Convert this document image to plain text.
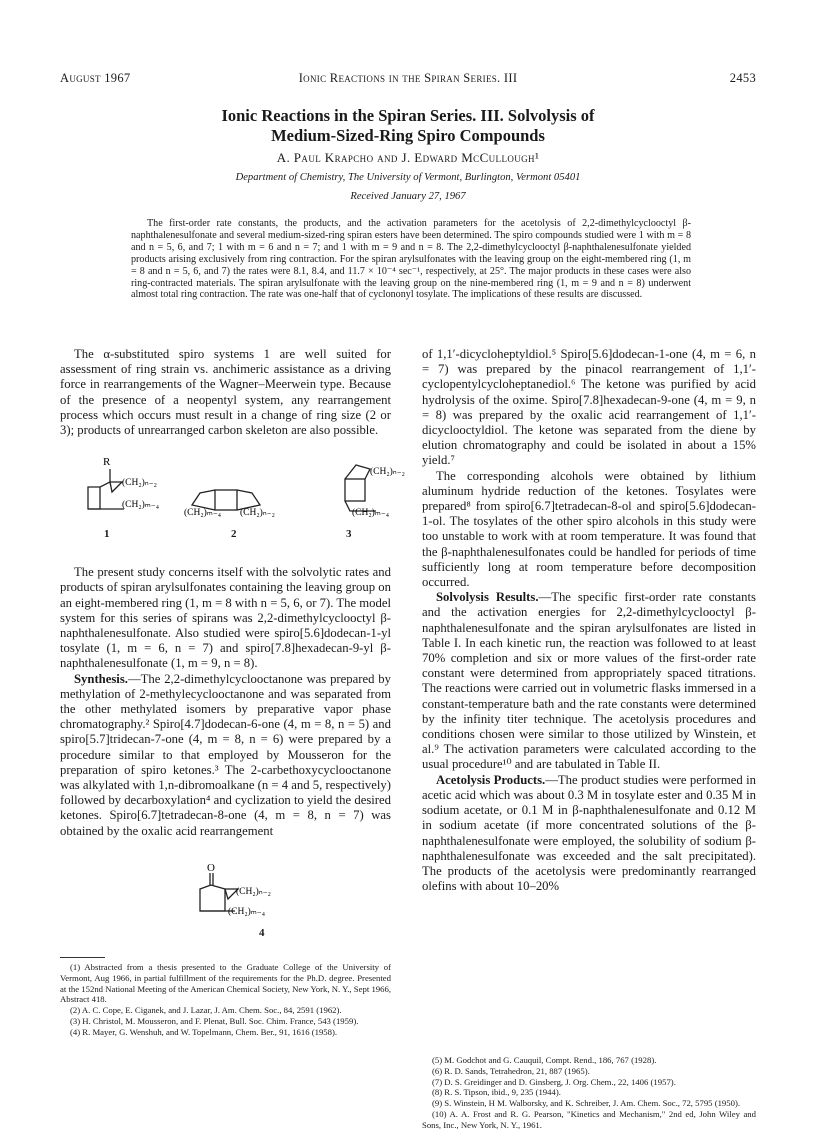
August 1967	Ionic Reactions in the Spiran Series. III	2453
Ionic Reactions in the Spiran Series. III. Solvolysis of
Medium-Sized-Ring Spiro Compounds
A. Paul Krapcho and J. Edward McCullough¹
Department of Chemistry, The University of Vermont, Burlington, Vermont 05401
Received January 27, 1967

The first-order rate constants, the products, and the activation parameters for the acetolysis of 2,2-dimethylcyclooctyl β-naphthalenesulfonate and several medium-sized-ring spiran esters have been determined. The spiro compounds studied were 1 with m = 8 and n = 5, 6, and 7; 1 with m = 6 and n = 7; and 1 with m = 9 and n = 8. The 2,2-dimethylcyclooctyl β-naphthalenesulfonate yielded products arising exclusively from ring contraction. For the spiran arylsulfonates with the leaving group on the eight-membered ring (1, m = 8 and n = 5, 6, and 7) the rates were 8.1, 8.4, and 11.7 × 10⁻⁴ sec⁻¹, respectively, at 25°. The major products in these cases were also ring-contracted materials. The spiran arylsulfonate with the leaving group on the nine-membered ring (1, m = 9 and n = 8) underwent almost total ring contraction. The rate was one-half that of cyclononyl tosylate. The implications of these results are discussed.

The α-substituted spiro systems 1 are well suited for assessment of ring strain vs. anchimeric assistance as a driving force in rearrangements of the Wagner–Meerwein type. Because of the presence of a neopentyl system, any rearrangement process which occurs must result in a change of ring size (2 or 3); products of unrearranged carbon skeleton are also possible.

The present study concerns itself with the solvolytic rates and products of spiran arylsulfonates containing the leaving group on an eight-membered ring (1, m = 8 with n = 5, 6, or 7). The model system for this series of spirans was 2,2-dimethylcyclooctyl β-naphthalenesulfonate. Also studied were spiro[5.6]dodecan-1-yl tosylate (1, m = 6, n = 7) and spiro[7.8]hexadecan-9-yl β-naphthalenesulfonate (1, m = 9, n = 8).

Synthesis.—The 2,2-dimethylcyclooctanone was prepared by methylation of 2-methylecyclooctanone and was separated from the other methylated isomers by preparative vapor phase chromatography.² Spiro[4.7]dodecan-6-one (4, m = 8, n = 5) and spiro[5.7]tridecan-7-one (4, m = 8, n = 6) were prepared by a procedure similar to that employed by Mousseron for the preparation of spiro ketones.³ The 2-carbethoxycyclooctanone was alkylated with 1,n-dibromoalkane (n = 4 and 5, respectively) followed by decarboxylation⁴ and cyclization to yield the desired ketones. Spiro[6.7]tetradecan-8-one (4, m = 8, n = 7) was obtained by the oxalic acid rearrangement

R
(CH₂)ₙ₋₂
(CH₂)ₘ₋₄
(CH₂)ₘ₋₄ (CH₂)ₙ₋₂
(CH₂)ₙ₋₂
(CH₂)ₘ₋₄
1	2	3
O
(CH₂)ₙ₋₂
(CH₂)ₘ₋₄
4

of 1,1′-dicycloheptyldiol.⁵ Spiro[5.6]dodecan-1-one (4, m = 6, n = 7) was prepared by the pinacol rearrangement of 1,1′-cyclopentylcycloheptanediol.⁶ The ketone was purified by acid hydrolysis of the oxime. Spiro[7.8]hexadecan-9-one (4, m = 9, n = 8) was prepared by the oxalic acid rearrangement of 1,1′-dicyclooctyldiol. The ketone was separated from the diene by elution chromatography and could be isolated in about a 15% yield.⁷

The corresponding alcohols were obtained by lithium aluminum hydride reduction of the ketones. Tosylates were prepared⁸ from spiro[6.7]tetradecan-8-ol and spiro[5.6]dodecan-1-ol. The tosylates of the other spiro alcohols in this study were too unstable to work with at room temperature. It was found that the β-naphthalenesulfonates could be handled for periods of time sufficiently long at room temperature before decomposition occurred.

Solvolysis Results.—The specific first-order rate constants and the activation energies for 2,2-dimethylcyclooctyl β-naphthalenesulfonate and the spiran arylsulfonates are listed in Table I. In each kinetic run, the reaction was followed to at least 70% completion and six or more values of the first-order rate constant were determined from appropriately spaced titrations. The reactions were carried out in volumetric flasks immersed in a constant-temperature bath and the rate constants were determined by the infinity titer technique. The acetolysis procedures and conditions chosen were similar to those utilized by Winstein, et al.⁹ The activation parameters were calculated according to the usual procedure¹⁰ and are tabulated in Table II.

Acetolysis Products.—The product studies were performed in acetic acid which was about 0.3 M in tosylate ester and 0.35 M in sodium acetate, or 0.1 M in β-naphthalenesulfonate and 0.12 M in sodium acetate (if more concentrated solutions of the β-naphthalenesulfonate were employed, the solubility of sodium β-naphthalenesulfonate was exceeded and the salt precipitated). The products of the acetolysis were predominantly rearranged olefins with about 10–20%

(1) Abstracted from a thesis presented to the Graduate College of the University of Vermont, Aug 1966, in partial fulfillment of the requirements for the Ph.D. degree. Presented at the 152nd National Meeting of the American Chemical Society, New York, N. Y., Sept 1966, Abstract 418.

(2) A. C. Cope, E. Ciganek, and J. Lazar, J. Am. Chem. Soc., 84, 2591 (1962).

(3) H. Christol, M. Mousseron, and F. Plenat, Bull. Soc. Chim. France, 543 (1959).

(4) R. Mayer, G. Wenshuh, and W. Topelmann, Chem. Ber., 91, 1616 (1958).

(5) M. Godchot and G. Cauquil, Compt. Rend., 186, 767 (1928).

(6) R. D. Sands, Tetrahedron, 21, 887 (1965).

(7) D. S. Greidinger and D. Ginsberg, J. Org. Chem., 22, 1406 (1957).

(8) R. S. Tipson, ibid., 9, 235 (1944).

(9) S. Winstein, H M. Walborsky, and K. Schreiber, J. Am. Chem. Soc., 72, 5795 (1950).

(10) A. A. Frost and R. G. Pearson, "Kinetics and Mechanism," 2nd ed, John Wiley and Sons, Inc., New York, N. Y., 1961.
